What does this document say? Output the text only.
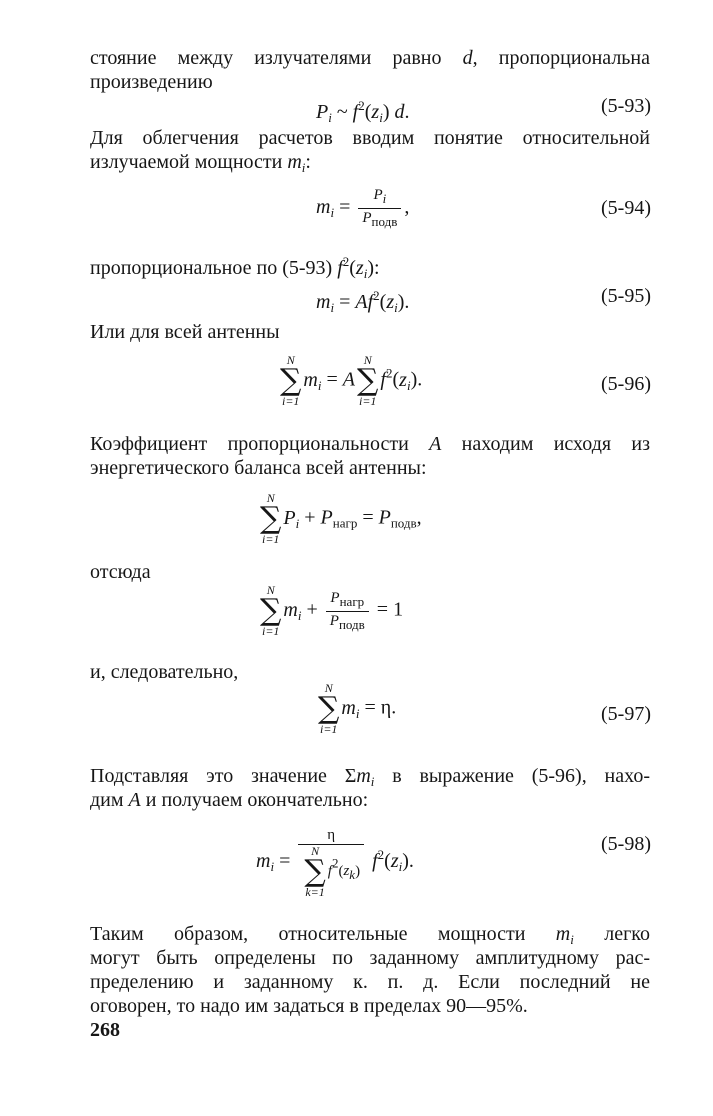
стояние между излучателями равно d, пропорциональна
произведению
$P_i$ ~ $f^2(z_i)$ d.	(5-93)
Для облегчения расчетов вводим понятие относительной
излучаемой мощности $m_i$:
$m_i = \frac{Pi}{\text{Pподв}}$ ,	(5-94)
пропорциональное по (5-93) $f^2(z_i)$:
$m_i = Af^2(z_i)$.	(5-95)
Или для всей антенны
N
∑
i=1
$m_i = A$
N
∑
i=1
$f^2(z_i)$.	(5-96)
Коэффициент пропорциональности A находим исходя из
энергетического баланса всей антенны:
N
∑
i=1
$P_i + P_{нагр} = P_{подв}$,
отсюда
N
∑
i=1
$m_i + \frac{\text{Pнагр}}{\text{Pподв}} = 1$
и, следовательно,
N
∑
i=1
$m_i = \eta$.	(5-97)
Подставляя это значение $\Sigma m_i$ в выражение (5-96), нахо-
дим A и получаем окончательно:
$m_i = \eta$
N
∑
k=1
f2(zk) $f^2(z_i)$.
(5-98)
Таким образом, относительные мощности $m_i$ легко
могут быть определены по заданному амплитудному рас-
пределению и заданному к. п. д. Если последний не
оговорен, то надо им задаться в пределах 90—95%.
268
